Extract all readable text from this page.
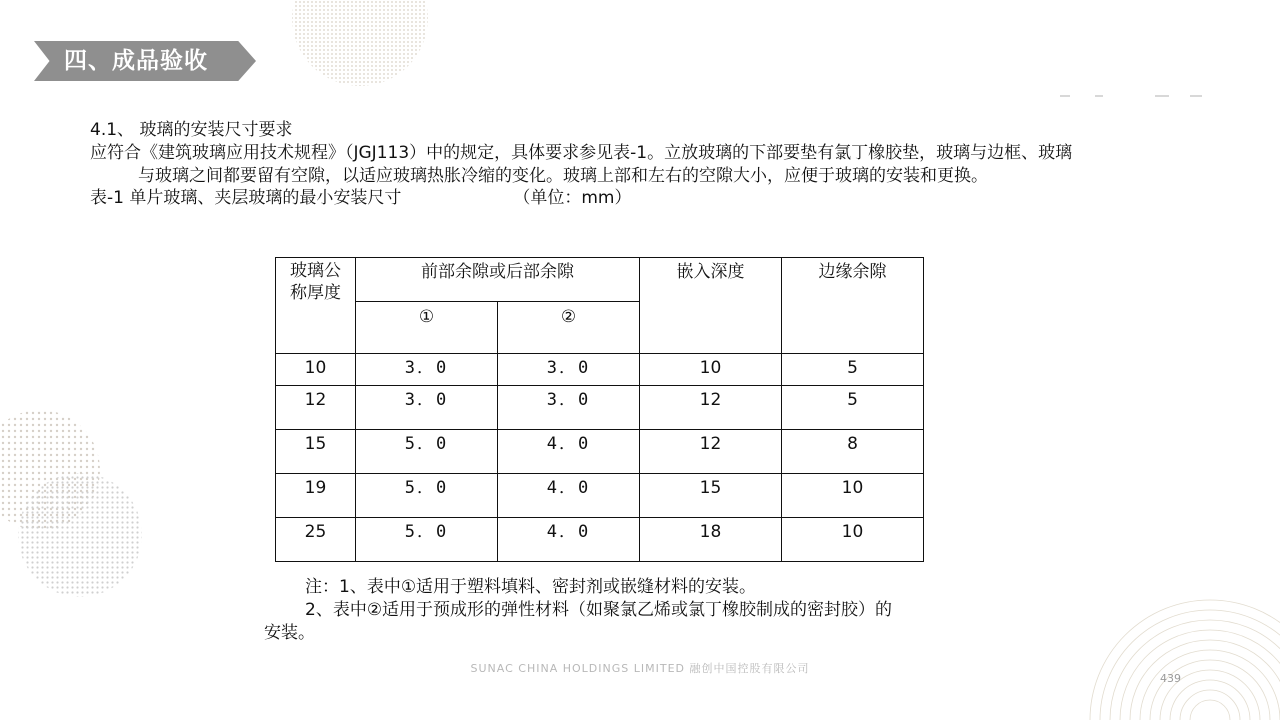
四、成品验收
4.1、 玻璃的安装尺寸要求
应符合《建筑玻璃应用技术规程》（JGJ113）中的规定，具体要求参见表-1。立放玻璃的下部要垫有氯丁橡胶垫，玻璃与边框、玻璃
与玻璃之间都要留有空隙，以适应玻璃热胀冷缩的变化。玻璃上部和左右的空隙大小，应便于玻璃的安装和更换。
表-1 单片玻璃、夹层玻璃的最小安装尺寸	（单位：mm）
玻璃公
称厚度	前部余隙或后部余隙		嵌入深度	边缘余隙
	①	②		
10	3．0	3．0	10	5
12	3．0	3．0	12	5
15	5．0	4．0	12	8
19	5．0	4．0	15	10
25	5．0	4．0	18	10
注：1、表中①适用于塑料填料、密封剂或嵌缝材料的安装。
2、表中②适用于预成形的弹性材料（如聚氯乙烯或氯丁橡胶制成的密封胶）的
安装。
SUNAC CHINA HOLDINGS LIMITED 融创中国控股有限公司
439
